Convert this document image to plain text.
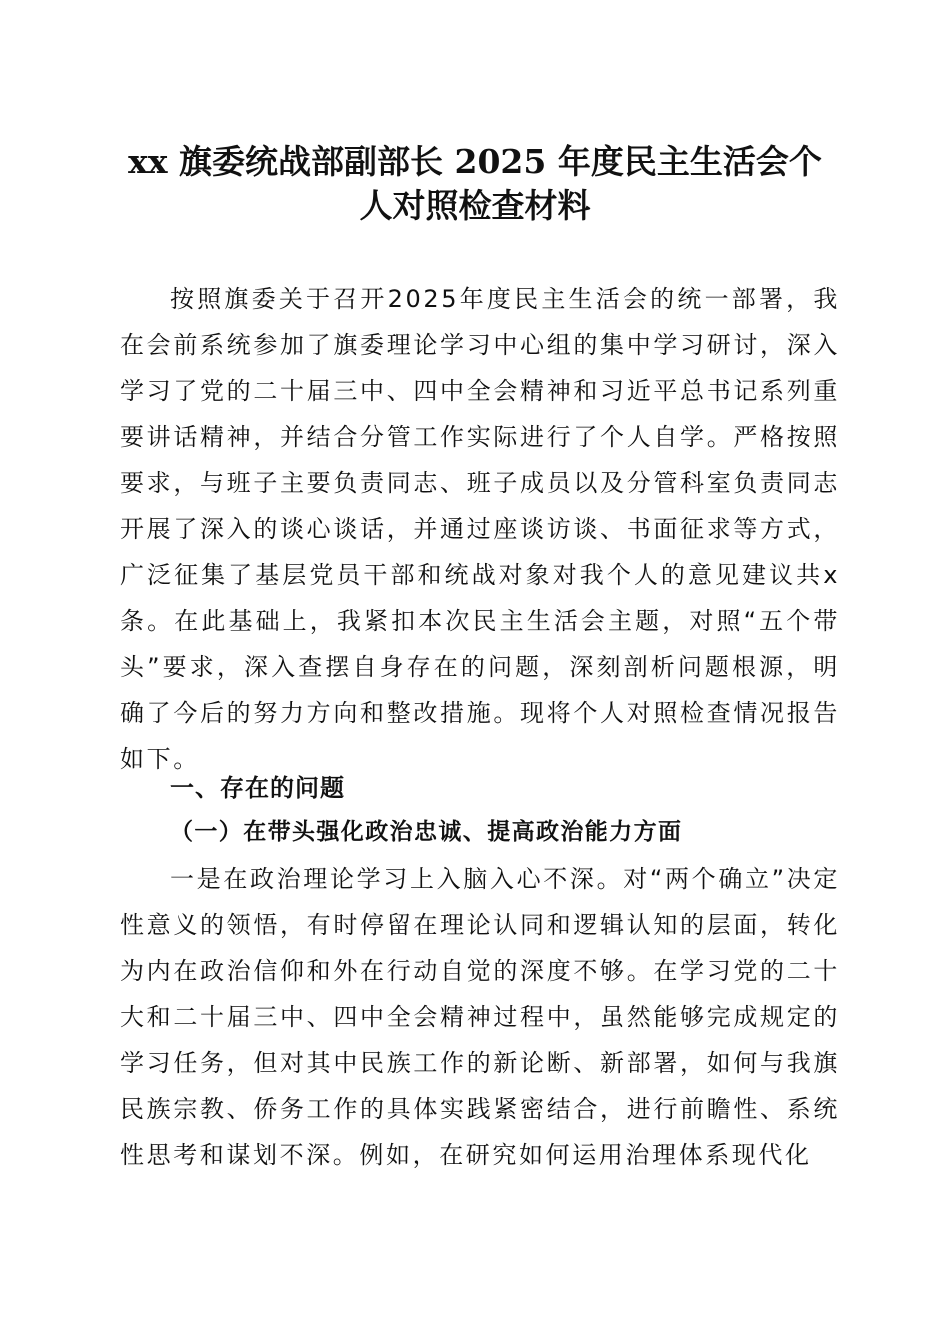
xx 旗委统战部副部长 2025 年度民主生活会个
人对照检查材料

按照旗委关于召开2025年度民主生活会的统一部署，我在会前系统参加了旗委理论学习中心组的集中学习研讨，深入学习了党的二十届三中、四中全会精神和习近平总书记系列重要讲话精神，并结合分管工作实际进行了个人自学。严格按照要求，与班子主要负责同志、班子成员以及分管科室负责同志开展了深入的谈心谈话，并通过座谈访谈、书面征求等方式，广泛征集了基层党员干部和统战对象对我个人的意见建议共x条。在此基础上，我紧扣本次民主生活会主题，对照“五个带头”要求，深入查摆自身存在的问题，深刻剖析问题根源，明确了今后的努力方向和整改措施。现将个人对照检查情况报告如下。

一、存在的问题
（一）在带头强化政治忠诚、提高政治能力方面

一是在政治理论学习上入脑入心不深。对“两个确立”决定性意义的领悟，有时停留在理论认同和逻辑认知的层面，转化为内在政治信仰和外在行动自觉的深度不够。在学习党的二十大和二十届三中、四中全会精神过程中，虽然能够完成规定的学习任务，但对其中民族工作的新论断、新部署，如何与我旗民族宗教、侨务工作的具体实践紧密结合，进行前瞻性、系统性思考和谋划不深。例如，在研究如何运用治理体系现代化
